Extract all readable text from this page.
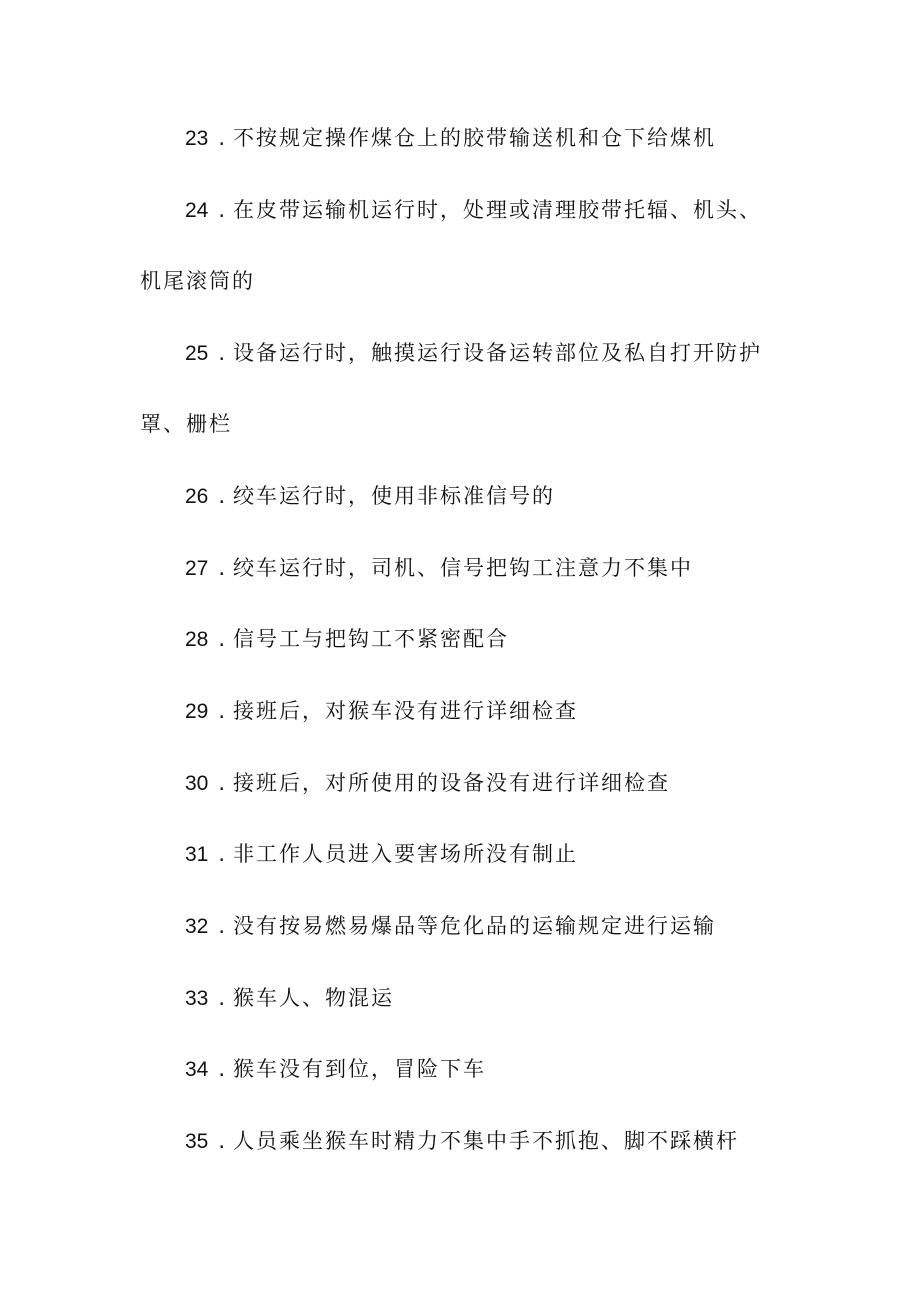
23 . 不按规定操作煤仓上的胶带输送机和仓下给煤机
24 . 在皮带运输机运行时，处理或清理胶带托辐、机头、
机尾滚筒的
25 . 设备运行时，触摸运行设备运转部位及私自打开防护
罩、栅栏
26 . 绞车运行时，使用非标准信号的
27 . 绞车运行时，司机、信号把钩工注意力不集中
28 . 信号工与把钩工不紧密配合
29 . 接班后，对猴车没有进行详细检查
30 . 接班后，对所使用的设备没有进行详细检查
31 . 非工作人员进入要害场所没有制止
32 . 没有按易燃易爆品等危化品的运输规定进行运输
33 . 猴车人、物混运
34 . 猴车没有到位，冒险下车
35 . 人员乘坐猴车时精力不集中手不抓抱、脚不踩横杆
